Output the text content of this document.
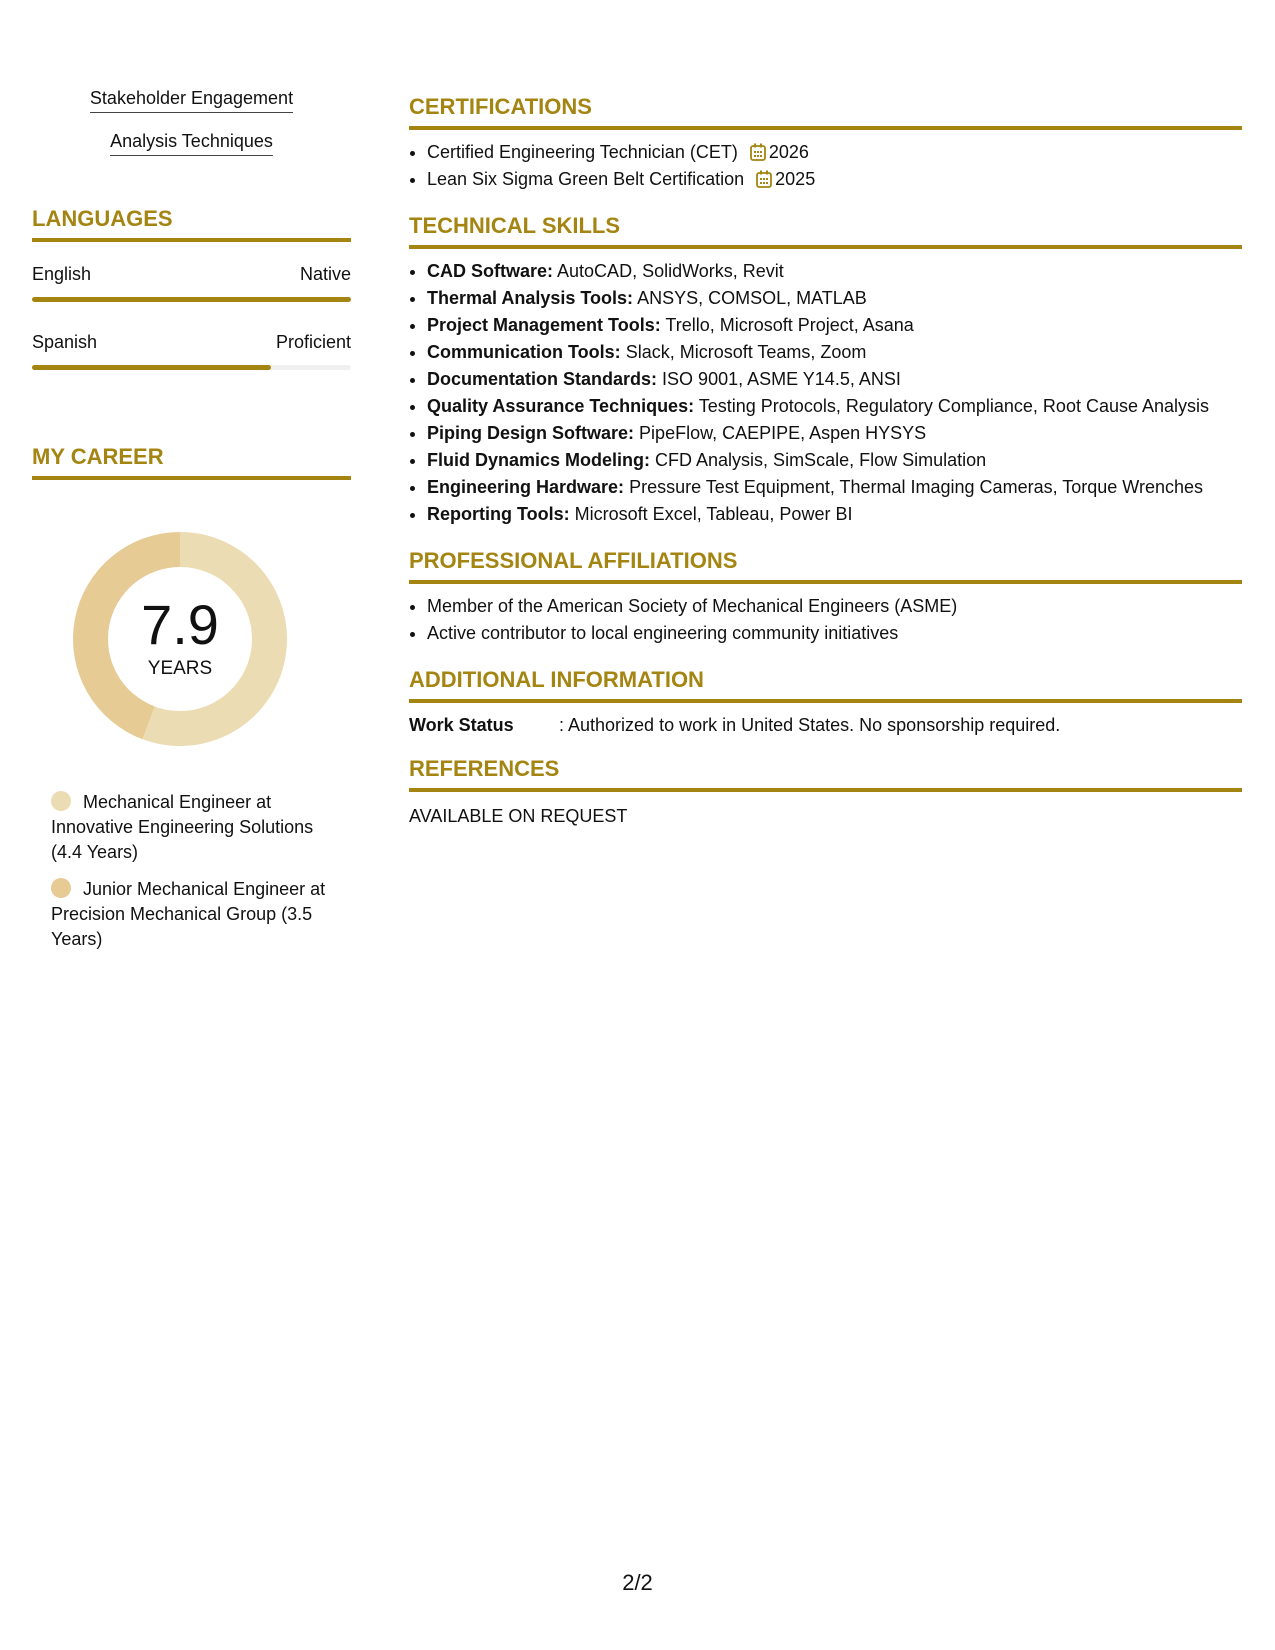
Stakeholder Engagement
Analysis Techniques
LANGUAGES
English	Native
Spanish	Proficient
MY CAREER
7.9
YEARS
Mechanical Engineer at Innovative Engineering Solutions (4.4 Years)
Junior Mechanical Engineer at Precision Mechanical Group (3.5 Years)
CERTIFICATIONS
• Certified Engineering Technician (CET) 2026
• Lean Six Sigma Green Belt Certification 2025
TECHNICAL SKILLS
• CAD Software: AutoCAD, SolidWorks, Revit
• Thermal Analysis Tools: ANSYS, COMSOL, MATLAB
• Project Management Tools: Trello, Microsoft Project, Asana
• Communication Tools: Slack, Microsoft Teams, Zoom
• Documentation Standards: ISO 9001, ASME Y14.5, ANSI
• Quality Assurance Techniques: Testing Protocols, Regulatory Compliance, Root Cause Analysis
• Piping Design Software: PipeFlow, CAEPIPE, Aspen HYSYS
• Fluid Dynamics Modeling: CFD Analysis, SimScale, Flow Simulation
• Engineering Hardware: Pressure Test Equipment, Thermal Imaging Cameras, Torque Wrenches
• Reporting Tools: Microsoft Excel, Tableau, Power BI
PROFESSIONAL AFFILIATIONS
• Member of the American Society of Mechanical Engineers (ASME)
• Active contributor to local engineering community initiatives
ADDITIONAL INFORMATION
Work Status	: Authorized to work in United States. No sponsorship required.
REFERENCES
AVAILABLE ON REQUEST
2/2
